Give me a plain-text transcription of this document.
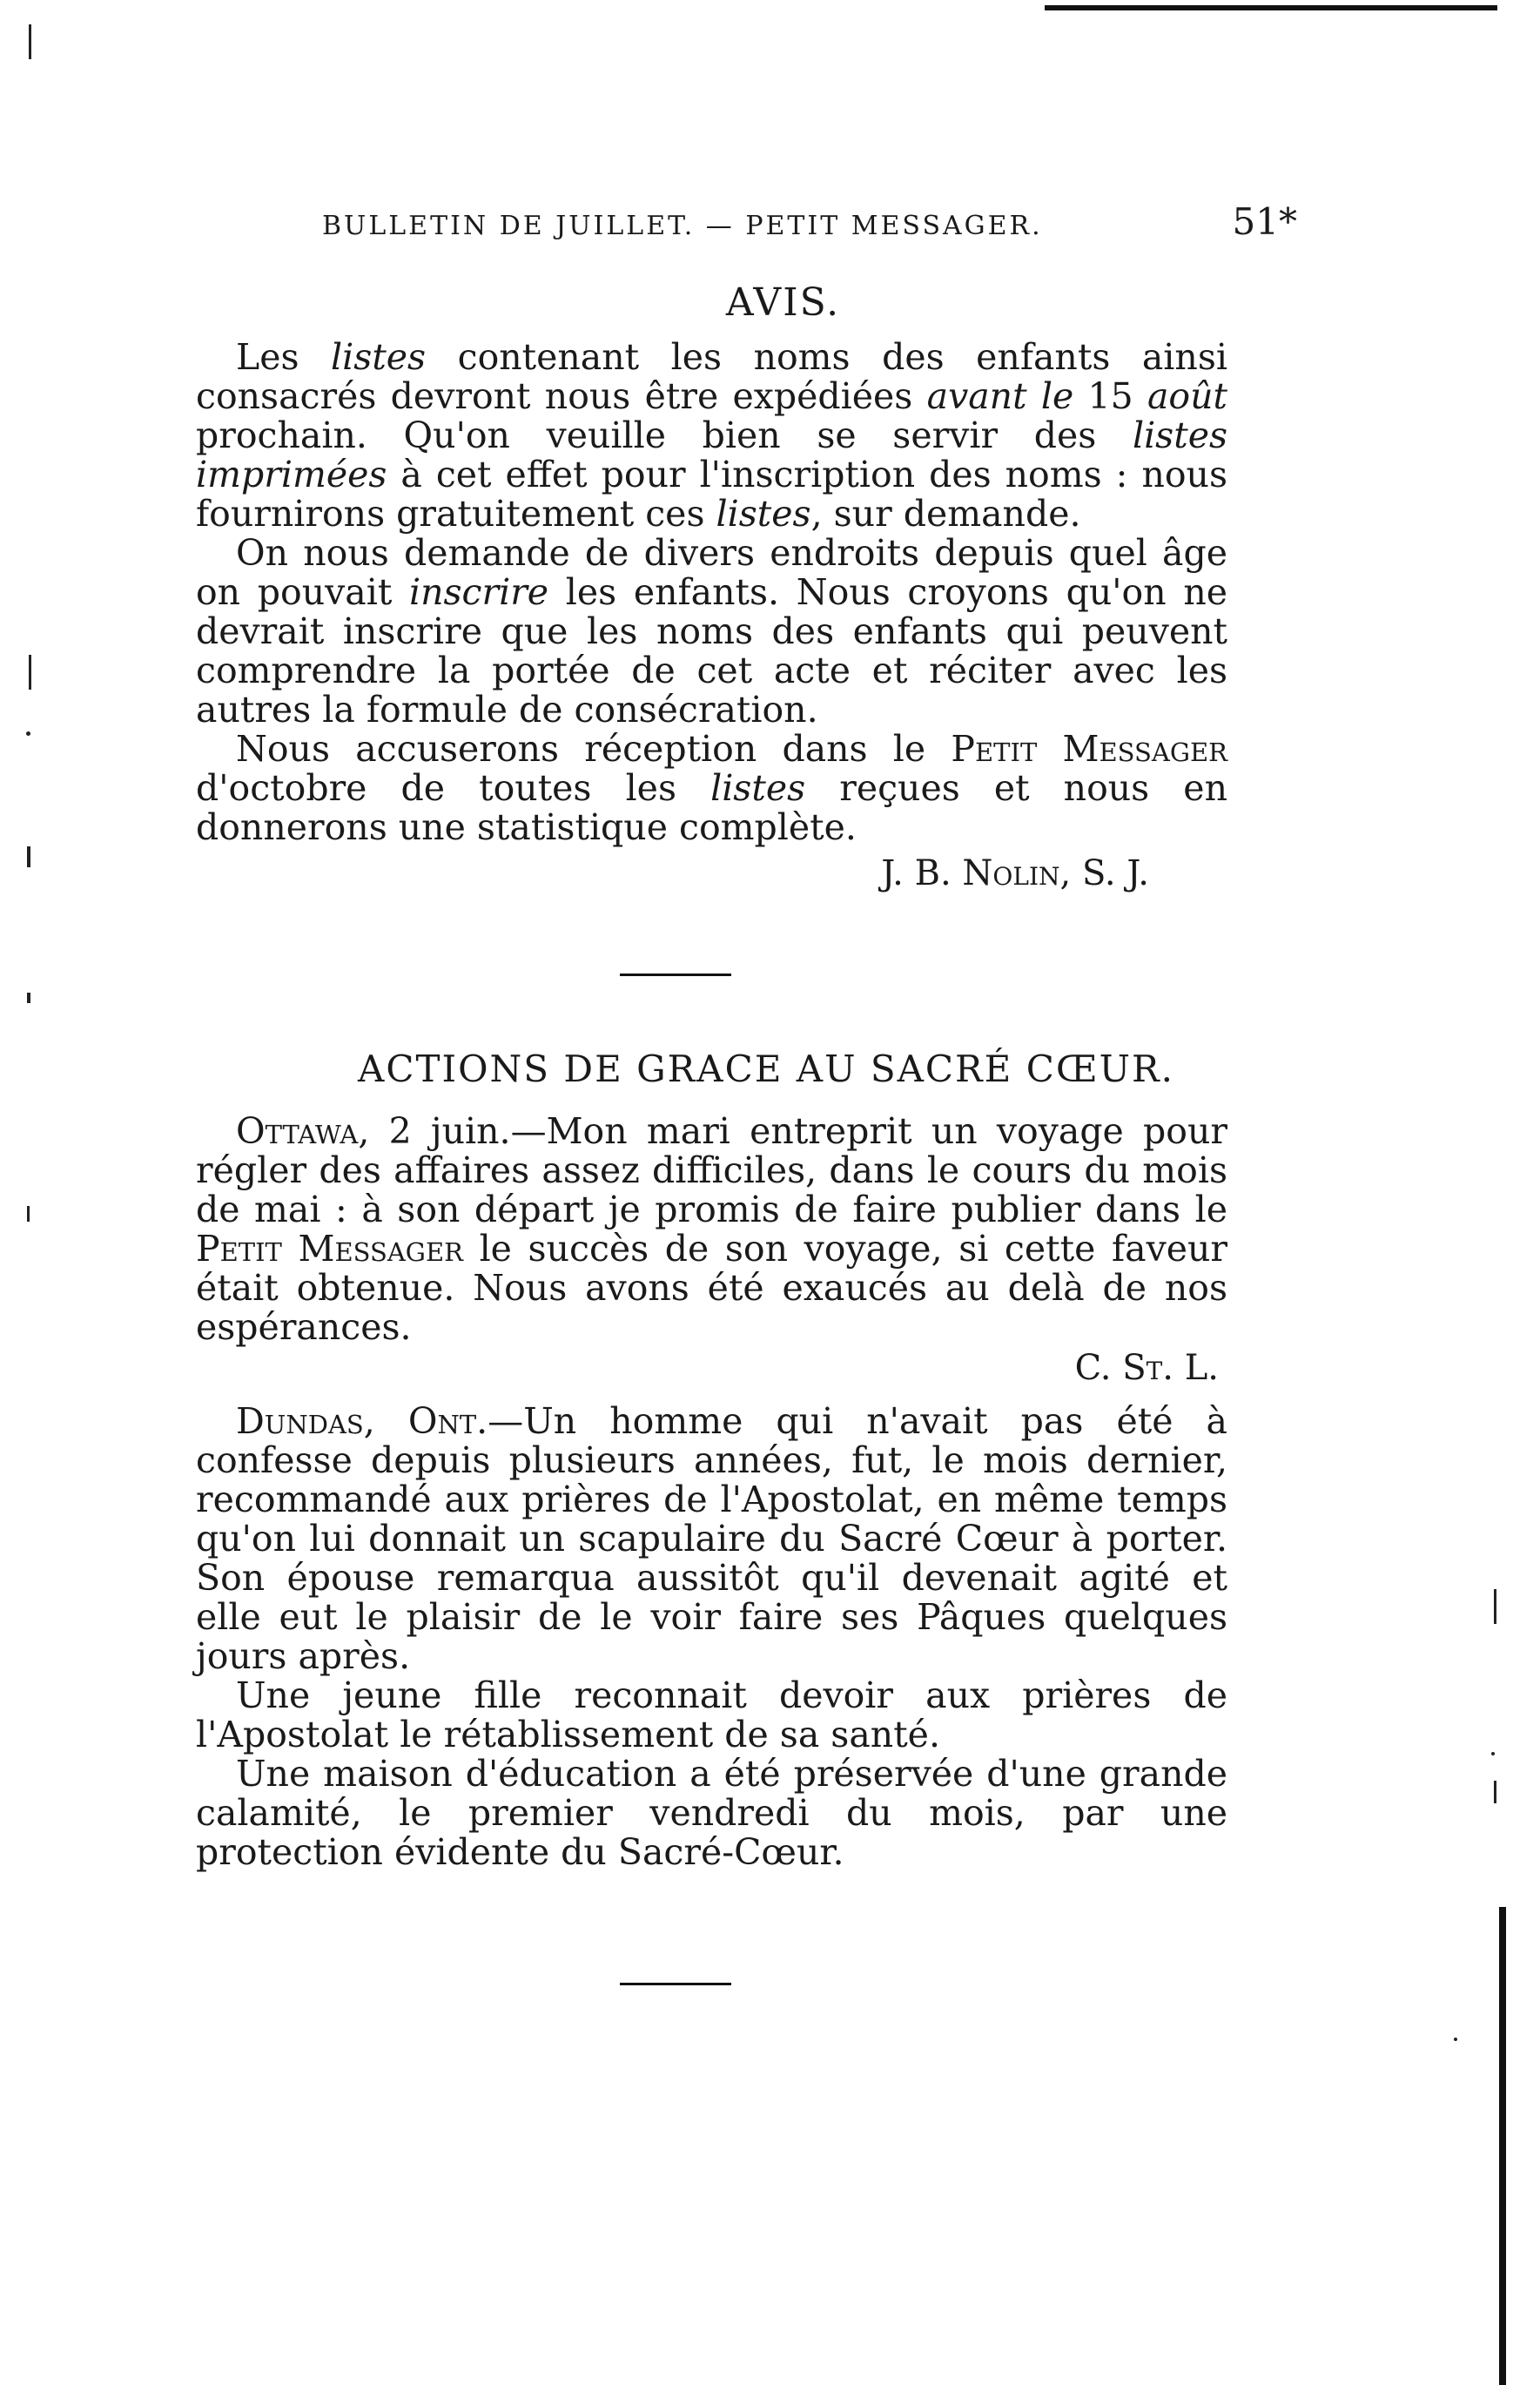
BULLETIN DE JUILLET. — PETIT MESSAGER.	51*
AVIS.

Les listes contenant les noms des enfants ainsi consacrés devront nous être expédiées avant le 15 août prochain. Qu'on veuille bien se servir des listes imprimées à cet effet pour l'inscription des noms : nous fournirons gratuitement ces listes, sur demande.

On nous demande de divers endroits depuis quel âge on pouvait inscrire les enfants. Nous croyons qu'on ne devrait inscrire que les noms des enfants qui peuvent comprendre la portée de cet acte et réciter avec les autres la formule de consécration.

Nous accuserons réception dans le Petit Messager d'octobre de toutes les listes reçues et nous en donnerons une statistique complète.

J. B. Nolin, S. J.

ACTIONS DE GRACE AU SACRÉ CŒUR.

Ottawa, 2 juin.—Mon mari entreprit un voyage pour régler des affaires assez difficiles, dans le cours du mois de mai : à son départ je promis de faire publier dans le Petit Messager le succès de son voyage, si cette faveur était obtenue. Nous avons été exaucés au delà de nos espérances.

C. St. L.

Dundas, Ont.—Un homme qui n'avait pas été à confesse depuis plusieurs années, fut, le mois dernier, recommandé aux prières de l'Apostolat, en même temps qu'on lui donnait un scapulaire du Sacré Cœur à porter. Son épouse remarqua aussitôt qu'il devenait agité et elle eut le plaisir de le voir faire ses Pâques quelques jours après.

Une jeune fille reconnait devoir aux prières de l'Apostolat le rétablissement de sa santé.

Une maison d'éducation a été préservée d'une grande calamité, le premier vendredi du mois, par une protection évidente du Sacré-Cœur.
